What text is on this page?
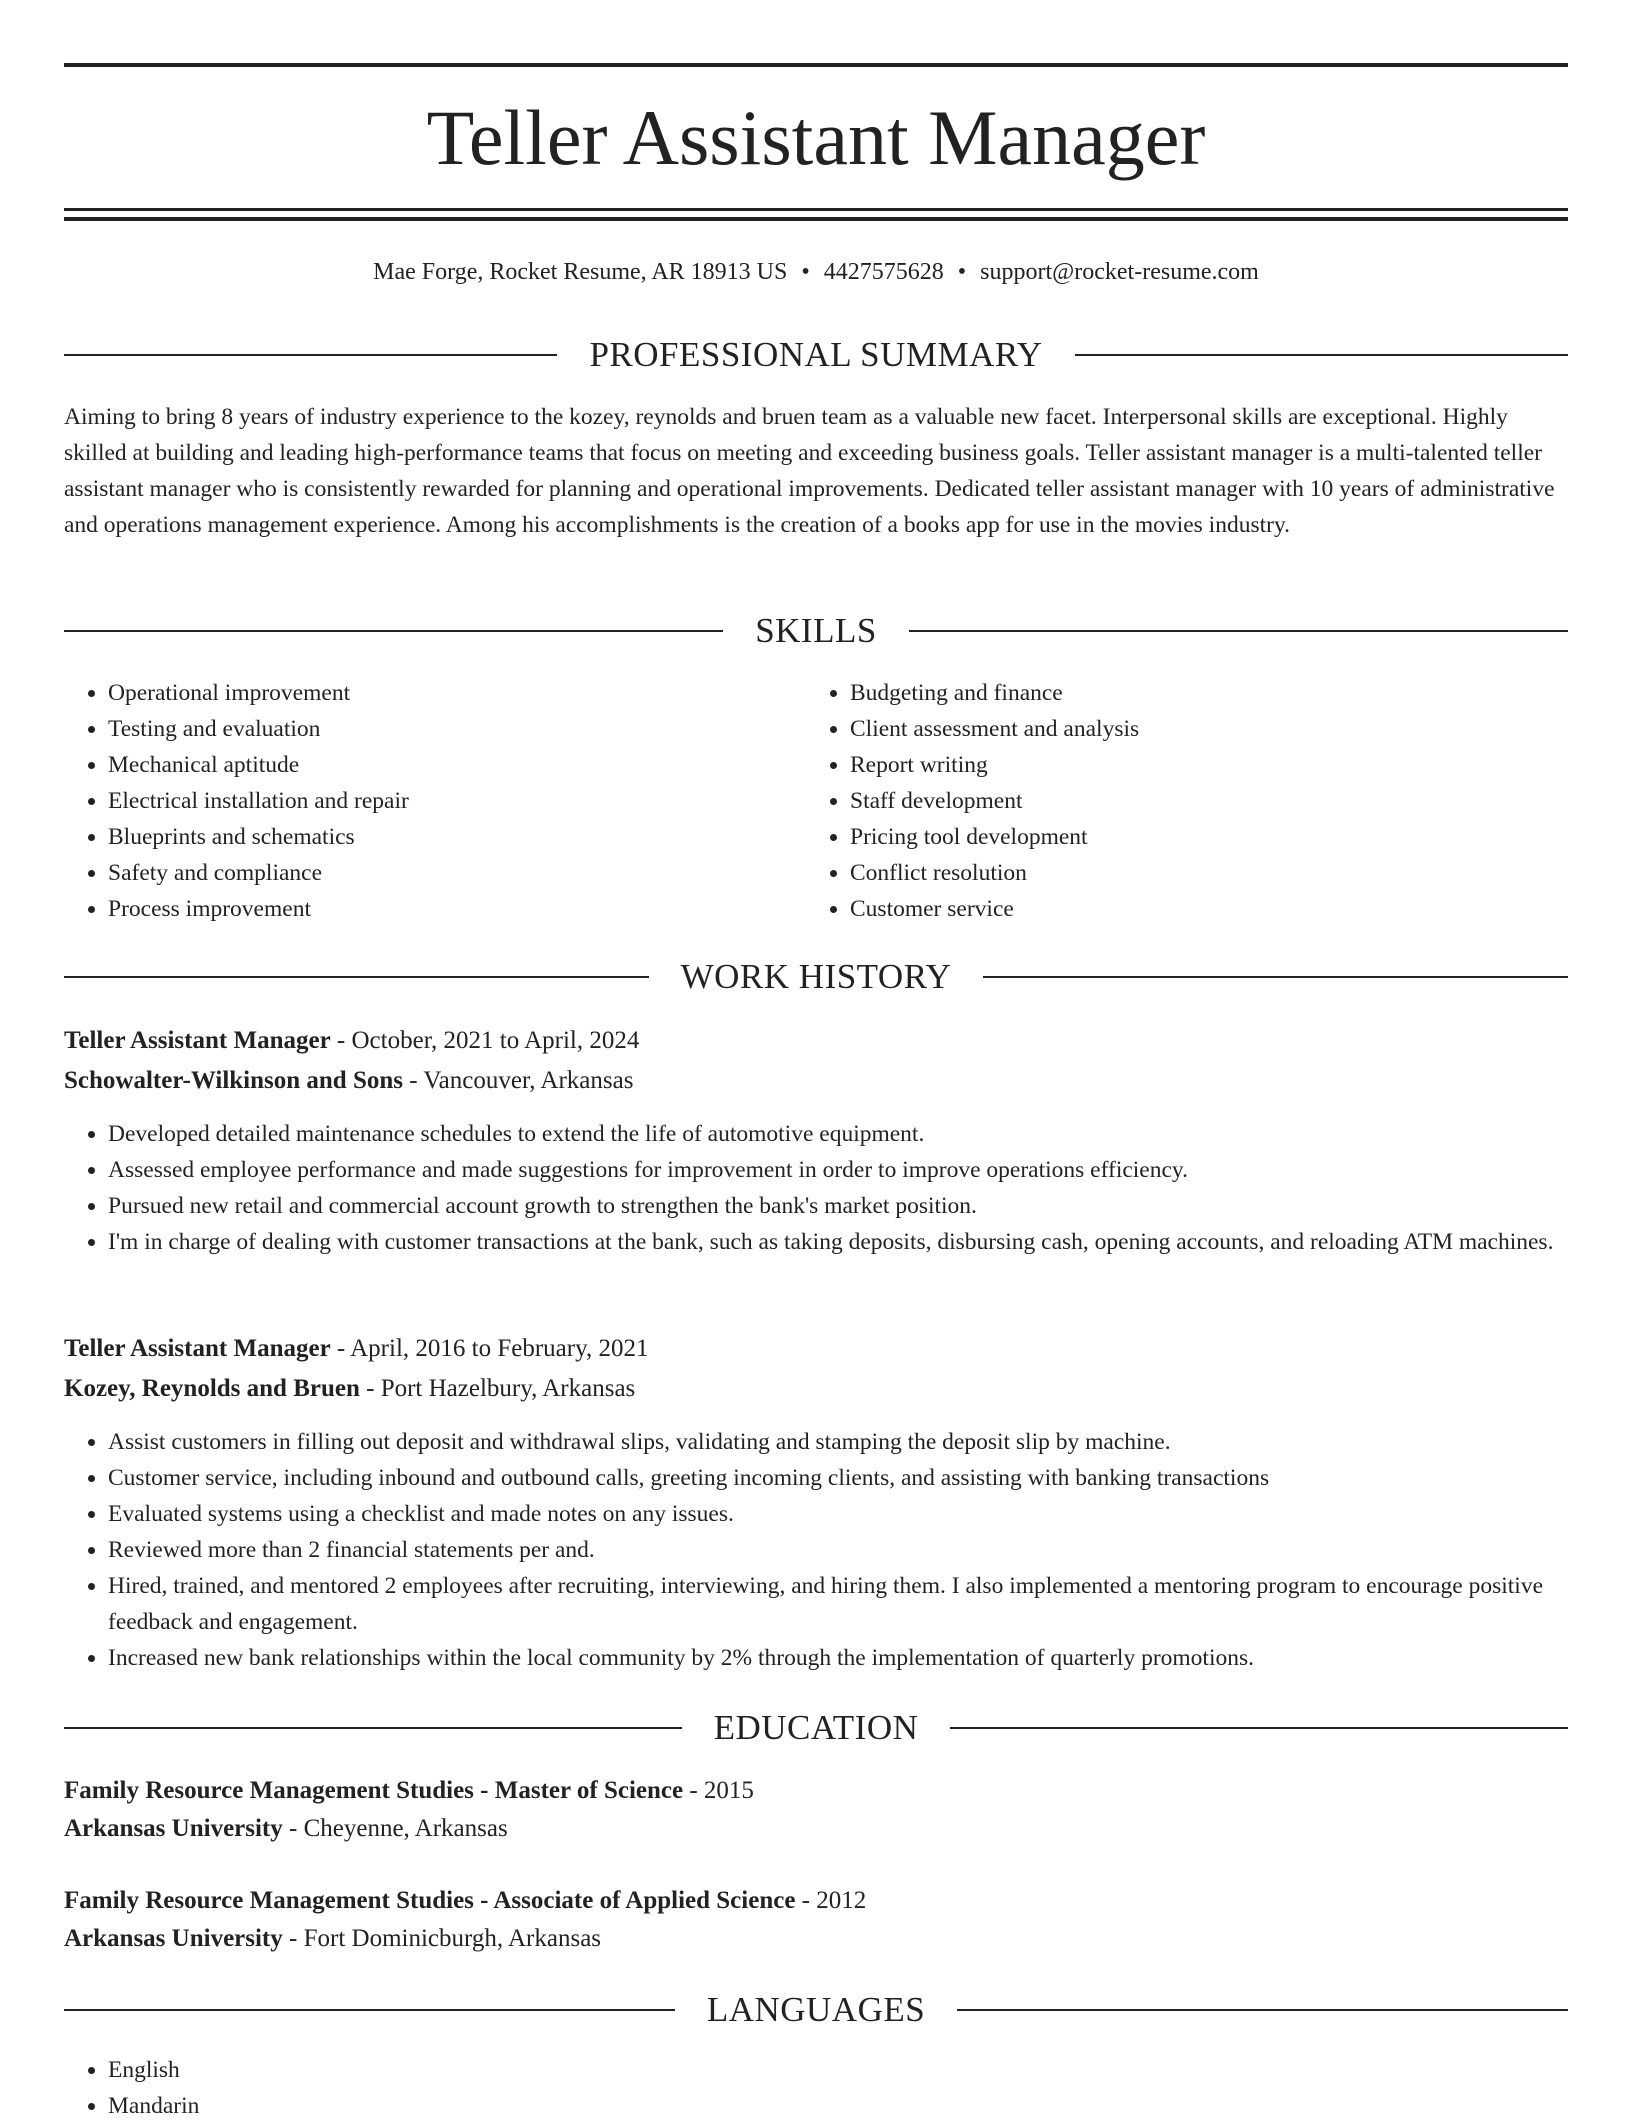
Teller Assistant Manager
Mae Forge, Rocket Resume, AR 18913 US • 4427575628 • support@rocket-resume.com
PROFESSIONAL SUMMARY

Aiming to bring 8 years of industry experience to the kozey, reynolds and bruen team as a valuable new facet. Interpersonal skills are exceptional. Highly skilled at building and leading high-performance teams that focus on meeting and exceeding business goals. Teller assistant manager is a multi-talented teller assistant manager who is consistently rewarded for planning and operational improvements. Dedicated teller assistant manager with 10 years of administrative and operations management experience. Among his accomplishments is the creation of a books app for use in the movies industry.

SKILLS
• Operational improvement
• Testing and evaluation
• Mechanical aptitude
• Electrical installation and repair
• Blueprints and schematics
• Safety and compliance
• Process improvement
• Budgeting and finance
• Client assessment and analysis
• Report writing
• Staff development
• Pricing tool development
• Conflict resolution
• Customer service
WORK HISTORY
Teller Assistant Manager - October, 2021 to April, 2024
Schowalter-Wilkinson and Sons - Vancouver, Arkansas
• Developed detailed maintenance schedules to extend the life of automotive equipment.
• Assessed employee performance and made suggestions for improvement in order to improve operations efficiency.
• Pursued new retail and commercial account growth to strengthen the bank's market position.
• I'm in charge of dealing with customer transactions at the bank, such as taking deposits, disbursing cash, opening accounts, and reloading ATM machines.
Teller Assistant Manager - April, 2016 to February, 2021
Kozey, Reynolds and Bruen - Port Hazelbury, Arkansas
• Assist customers in filling out deposit and withdrawal slips, validating and stamping the deposit slip by machine.
• Customer service, including inbound and outbound calls, greeting incoming clients, and assisting with banking transactions
• Evaluated systems using a checklist and made notes on any issues.
• Reviewed more than 2 financial statements per and.
• Hired, trained, and mentored 2 employees after recruiting, interviewing, and hiring them. I also implemented a mentoring program to encourage positive feedback and engagement.
• Increased new bank relationships within the local community by 2% through the implementation of quarterly promotions.
EDUCATION
Family Resource Management Studies - Master of Science - 2015
Arkansas University - Cheyenne, Arkansas
Family Resource Management Studies - Associate of Applied Science - 2012
Arkansas University - Fort Dominicburgh, Arkansas
LANGUAGES
• English
• Mandarin
